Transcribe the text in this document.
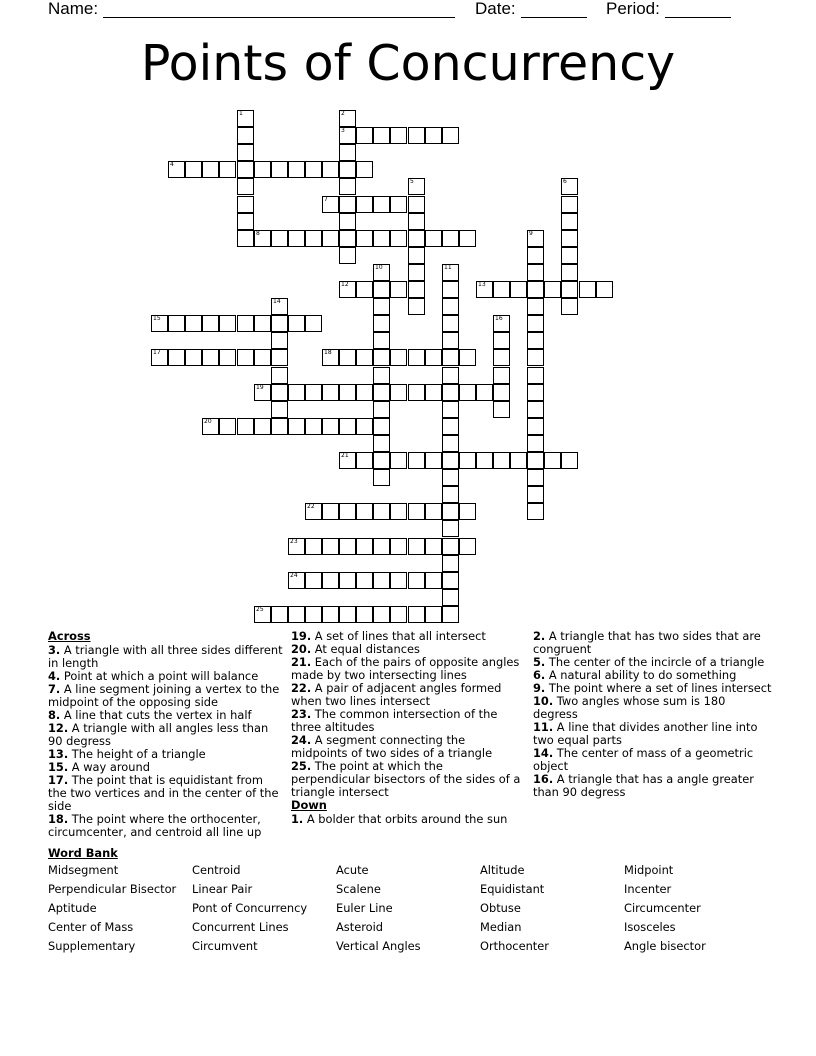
Name:	Date:	Period:
Points of Concurrency
1	2
3
4
5	6
7
8	9
10	11
12	13
14
15	16
17	18
19
20
21
22
23
24
25
Across
3. A triangle with all three sides different in length
4. Point at which a point will balance
7. A line segment joining a vertex to the midpoint of the opposing side
8. A line that cuts the vertex in half
12. A triangle with all angles less than 90 degress
13. The height of a triangle
15. A way around
17. The point that is equidistant from the two vertices and in the center of the side
18. The point where the orthocenter, circumcenter, and centroid all line up
19. A set of lines that all intersect
20. At equal distances
21. Each of the pairs of opposite angles made by two intersecting lines
22. A pair of adjacent angles formed when two lines intersect
23. The common intersection of the three altitudes
24. A segment connecting the midpoints of two sides of a triangle
25. The point at which the perpendicular bisectors of the sides of a triangle intersect
Down
1. A bolder that orbits around the sun
2. A triangle that has two sides that are congruent
5. The center of the incircle of a triangle
6. A natural ability to do something
9. The point where a set of lines intersect
10. Two angles whose sum is 180 degress
11. A line that divides another line into two equal parts
14. The center of mass of a geometric object
16. A triangle that has a angle greater than 90 degress
Word Bank
Midsegment
Perpendicular Bisector
Aptitude
Center of Mass
Supplementary
Centroid
Linear Pair
Pont of Concurrency
Concurrent Lines
Circumvent
Acute
Scalene
Euler Line
Asteroid
Vertical Angles
Altitude
Equidistant
Obtuse
Median
Orthocenter
Midpoint
Incenter
Circumcenter
Isosceles
Angle bisector
